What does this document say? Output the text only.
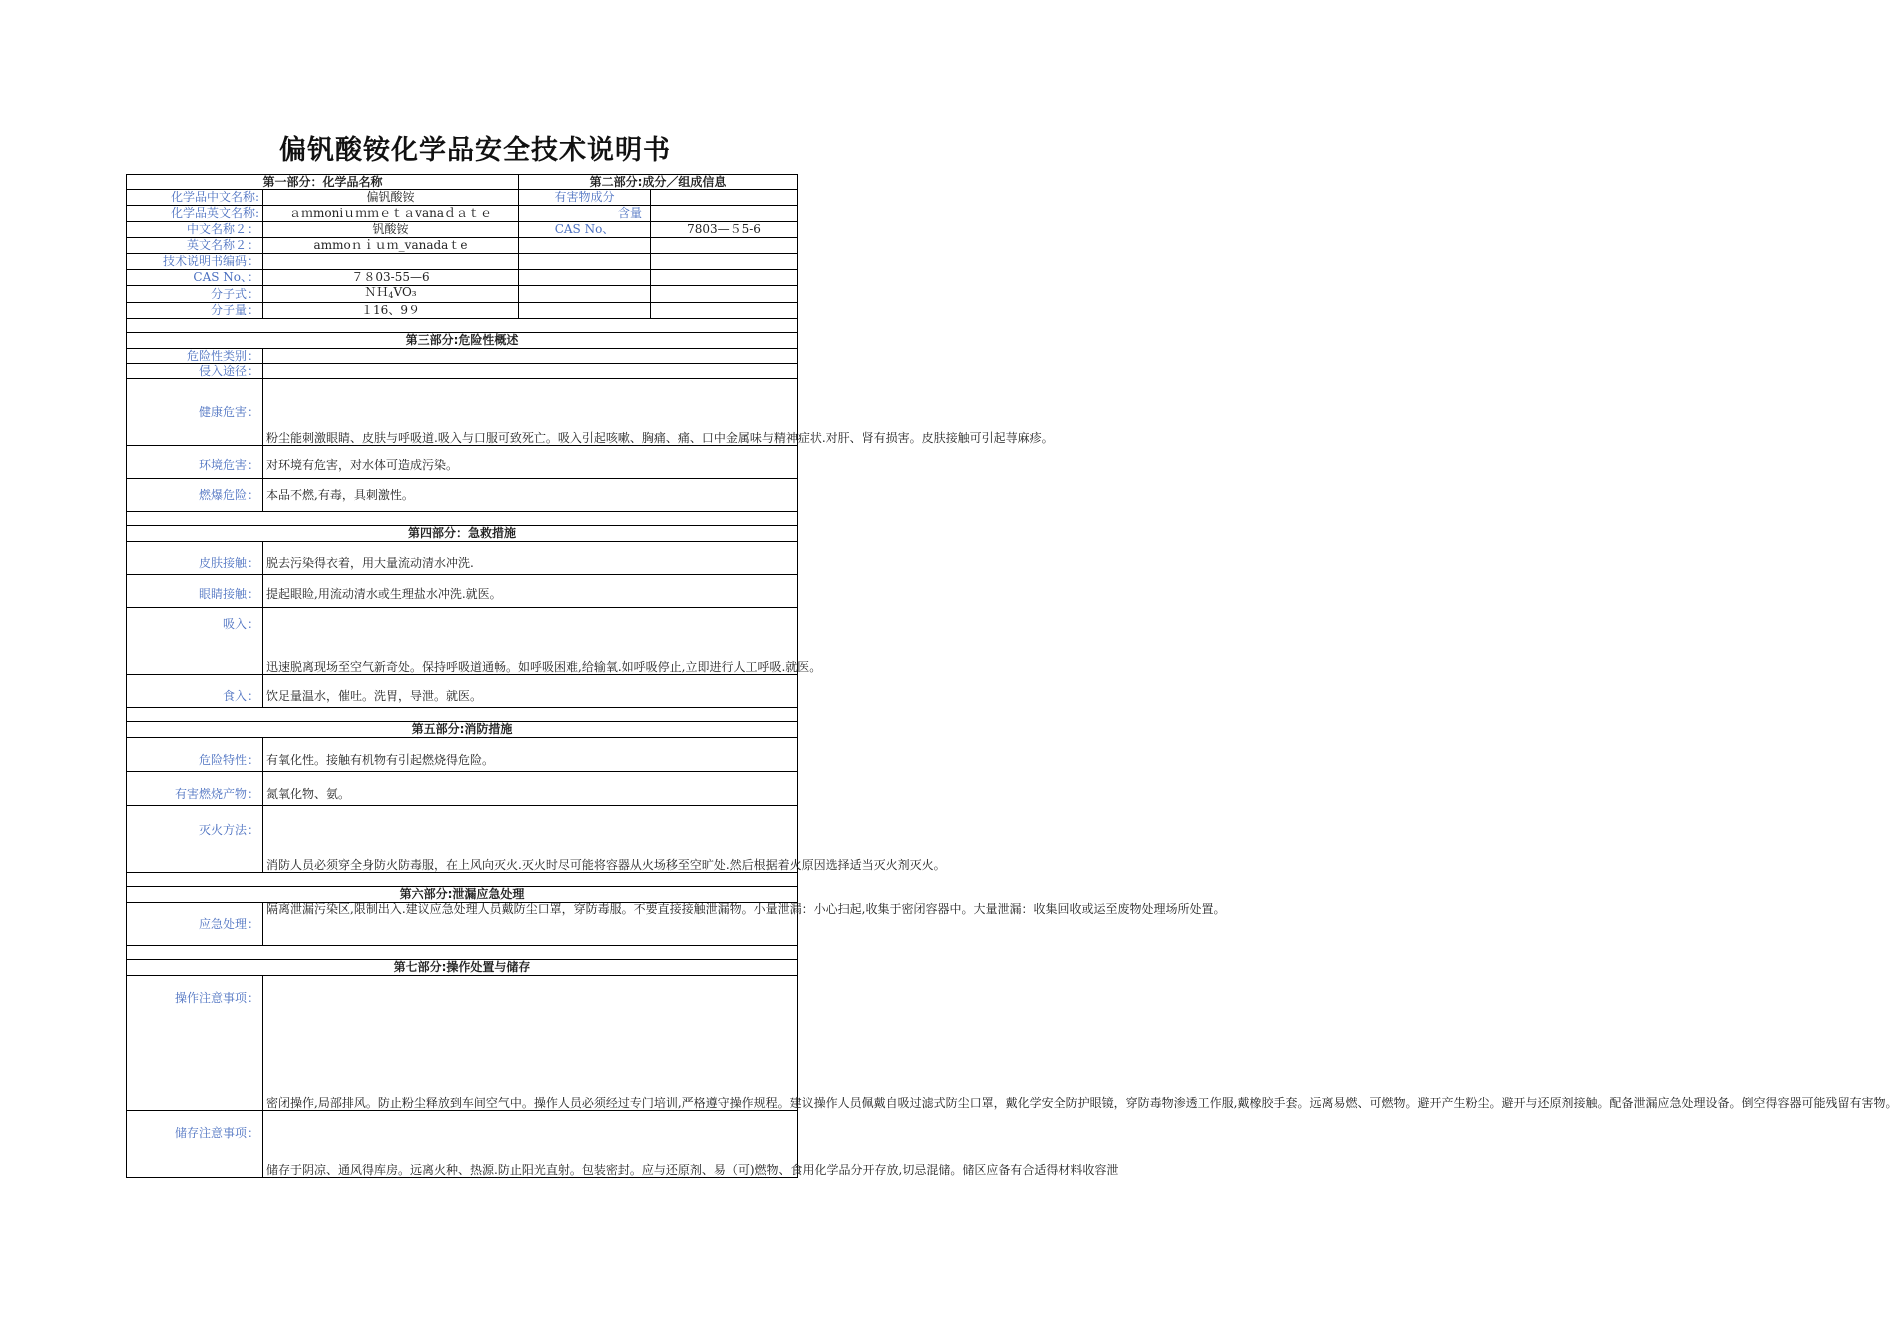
偏钒酸铵化学品安全技术说明书
第一部分：化学品名称		第二部分:成分／组成信息	
化学品中文名称:	偏钒酸铵	有害物成分	
化学品英文名称:	ａｍmoniｕｍｍｅｔａvanaｄａｔｅ	含量	
中文名称２：	钒酸铵	CAS No、	7803—５5-6
英文名称２：	ammoｎｉｕｍ_vanadaｔe		
技术说明书编码：			
CAS No、：	７８03-55—6		
分子式：	ＮＨ$_4$VO₃		
分子量：	１16、9９		

第三部分:危险性概述			
危险性类别：			
侵入途径：			
健康危害：	粉尘能刺激眼睛、皮肤与呼吸道.吸入与口服可致死亡。吸入引起咳嗽、胸痛、痛、口中金属味与精神症状.对肝、肾有损害。皮肤接触可引起荨麻疹。		
环境危害：	对环境有危害，对水体可造成污染。		
燃爆危险：	本品不燃,有毒，具刺激性。		

第四部分：急救措施			
皮肤接触：	脱去污染得衣着，用大量流动清水冲洗.		
眼睛接触：	提起眼睑,用流动清水或生理盐水冲洗.就医。		
吸入：	迅速脱离现场至空气新奇处。保持呼吸道通畅。如呼吸困难,给输氧.如呼吸停止,立即进行人工呼吸.就医。		
食入：	饮足量温水，催吐。洗胃，导泄。就医。		

第五部分:消防措施			
危险特性：	有氧化性。接触有机物有引起燃烧得危险。		
有害燃烧产物：	氮氧化物、氨。		
灭火方法：	消防人员必须穿全身防火防毒服，在上风向灭火.灭火时尽可能将容器从火场移至空旷处.然后根据着火原因选择适当灭火剂灭火。		

第六部分:泄漏应急处理			
应急处理：	隔离泄漏污染区,限制出入.建议应急处理人员戴防尘口罩，穿防毒服。不要直接接触泄漏物。小量泄漏：小心扫起,收集于密闭容器中。大量泄漏：收集回收或运至废物处理场所处置。		

第七部分:操作处置与储存			
操作注意事项：	密闭操作,局部排风。防止粉尘释放到车间空气中。操作人员必须经过专门培训,严格遵守操作规程。建议操作人员佩戴自吸过滤式防尘口罩，戴化学安全防护眼镜，穿防毒物渗透工作服,戴橡胶手套。远离易燃、可燃物。避开产生粉尘。避开与还原剂接触。配备泄漏应急处理设备。倒空得容器可能残留有害物。		
储存注意事项：	储存于阴凉、通风得库房。远离火种、热源.防止阳光直射。包装密封。应与还原剂、易（可)燃物、食用化学品分开存放,切忌混储。储区应备有合适得材料收容泄		
